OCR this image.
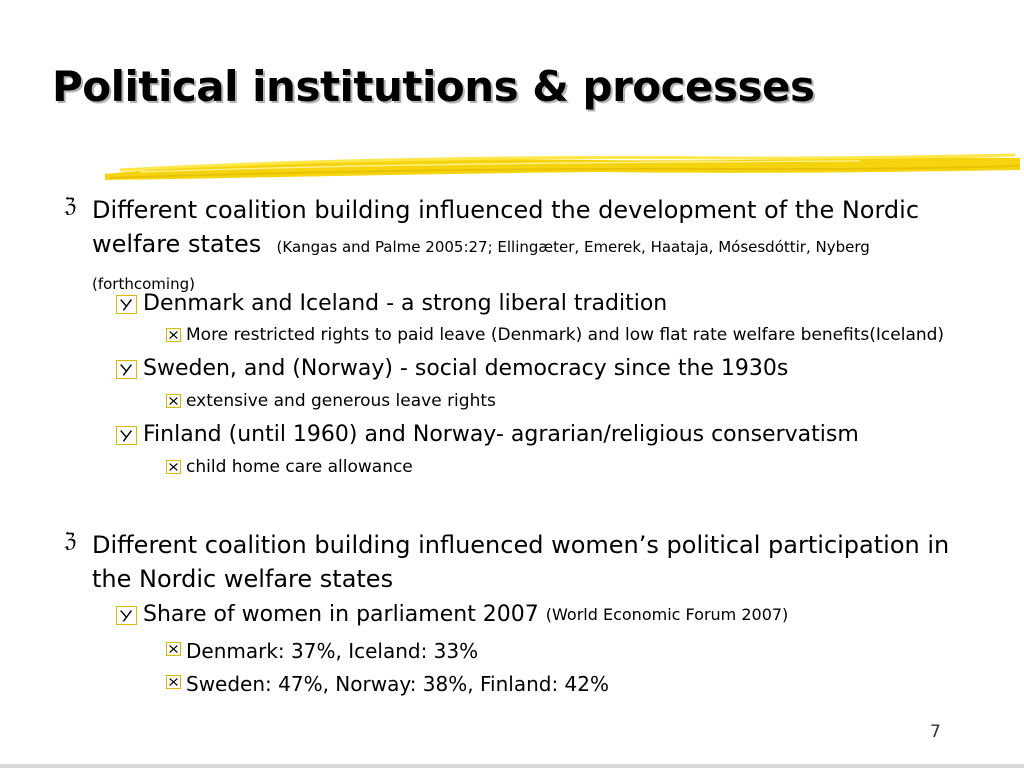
Political institutions & processes
ℨ Different coalition building influenced the development of the Nordic welfare states (Kangas and Palme 2005:27; Ellingæter, Emerek, Haataja, Mósesdóttir, Nyberg (forthcoming)
Denmark and Iceland - a strong liberal tradition
More restricted rights to paid leave (Denmark) and low flat rate welfare benefits(Iceland)
Sweden, and (Norway) - social democracy since the 1930s
extensive and generous leave rights
Finland (until 1960) and Norway- agrarian/religious conservatism
child home care allowance
ℨ Different coalition building influenced women’s political participation in the Nordic welfare states
Share of women in parliament 2007
(World Economic Forum 2007)
Denmark: 37%, Iceland: 33%
Sweden: 47%, Norway: 38%, Finland: 42%
7
